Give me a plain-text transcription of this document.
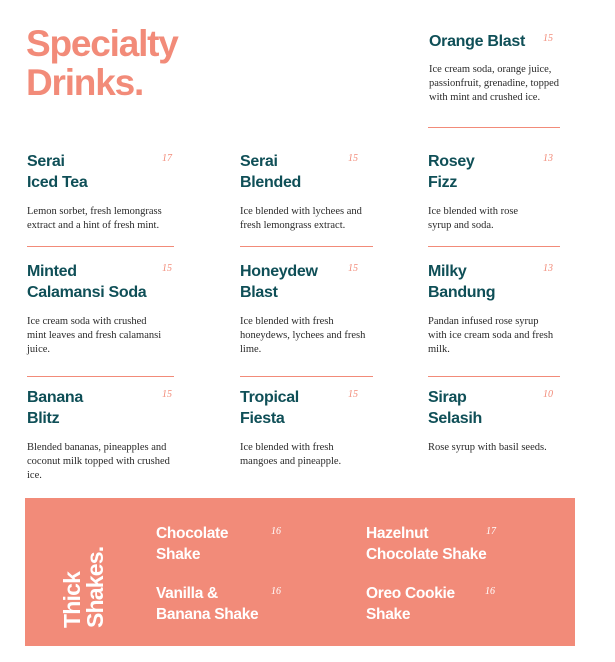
Specialty
Drinks.
Orange Blast	15
Ice cream soda, orange juice, passionfruit, grenadine, topped with mint and crushed ice.
Serai
Iced Tea
17
Lemon sorbet, fresh lemongrass extract and a hint of fresh mint.
Serai
Blended
15
Ice blended with lychees and fresh lemongrass extract.
Rosey
Fizz
13
Ice blended with rose syrup and soda.
Minted
Calamansi Soda
15
Ice cream soda with crushed mint leaves and fresh calamansi juice.
Honeydew
Blast
15
Ice blended with fresh honeydews, lychees and fresh lime.
Milky
Bandung
13
Pandan infused rose syrup with ice cream soda and fresh milk.
Banana
Blitz
15
Blended bananas, pineapples and coconut milk topped with crushed ice.
Tropical
Fiesta
15
Ice blended with fresh mangoes and pineapple.
Sirap
Selasih
10
Rose syrup with basil seeds.
Thick
Shakes.
Chocolate
Shake
16	Hazelnut
Chocolate Shake
17
Vanilla &
Banana Shake
16	Oreo Cookie
Shake
16
